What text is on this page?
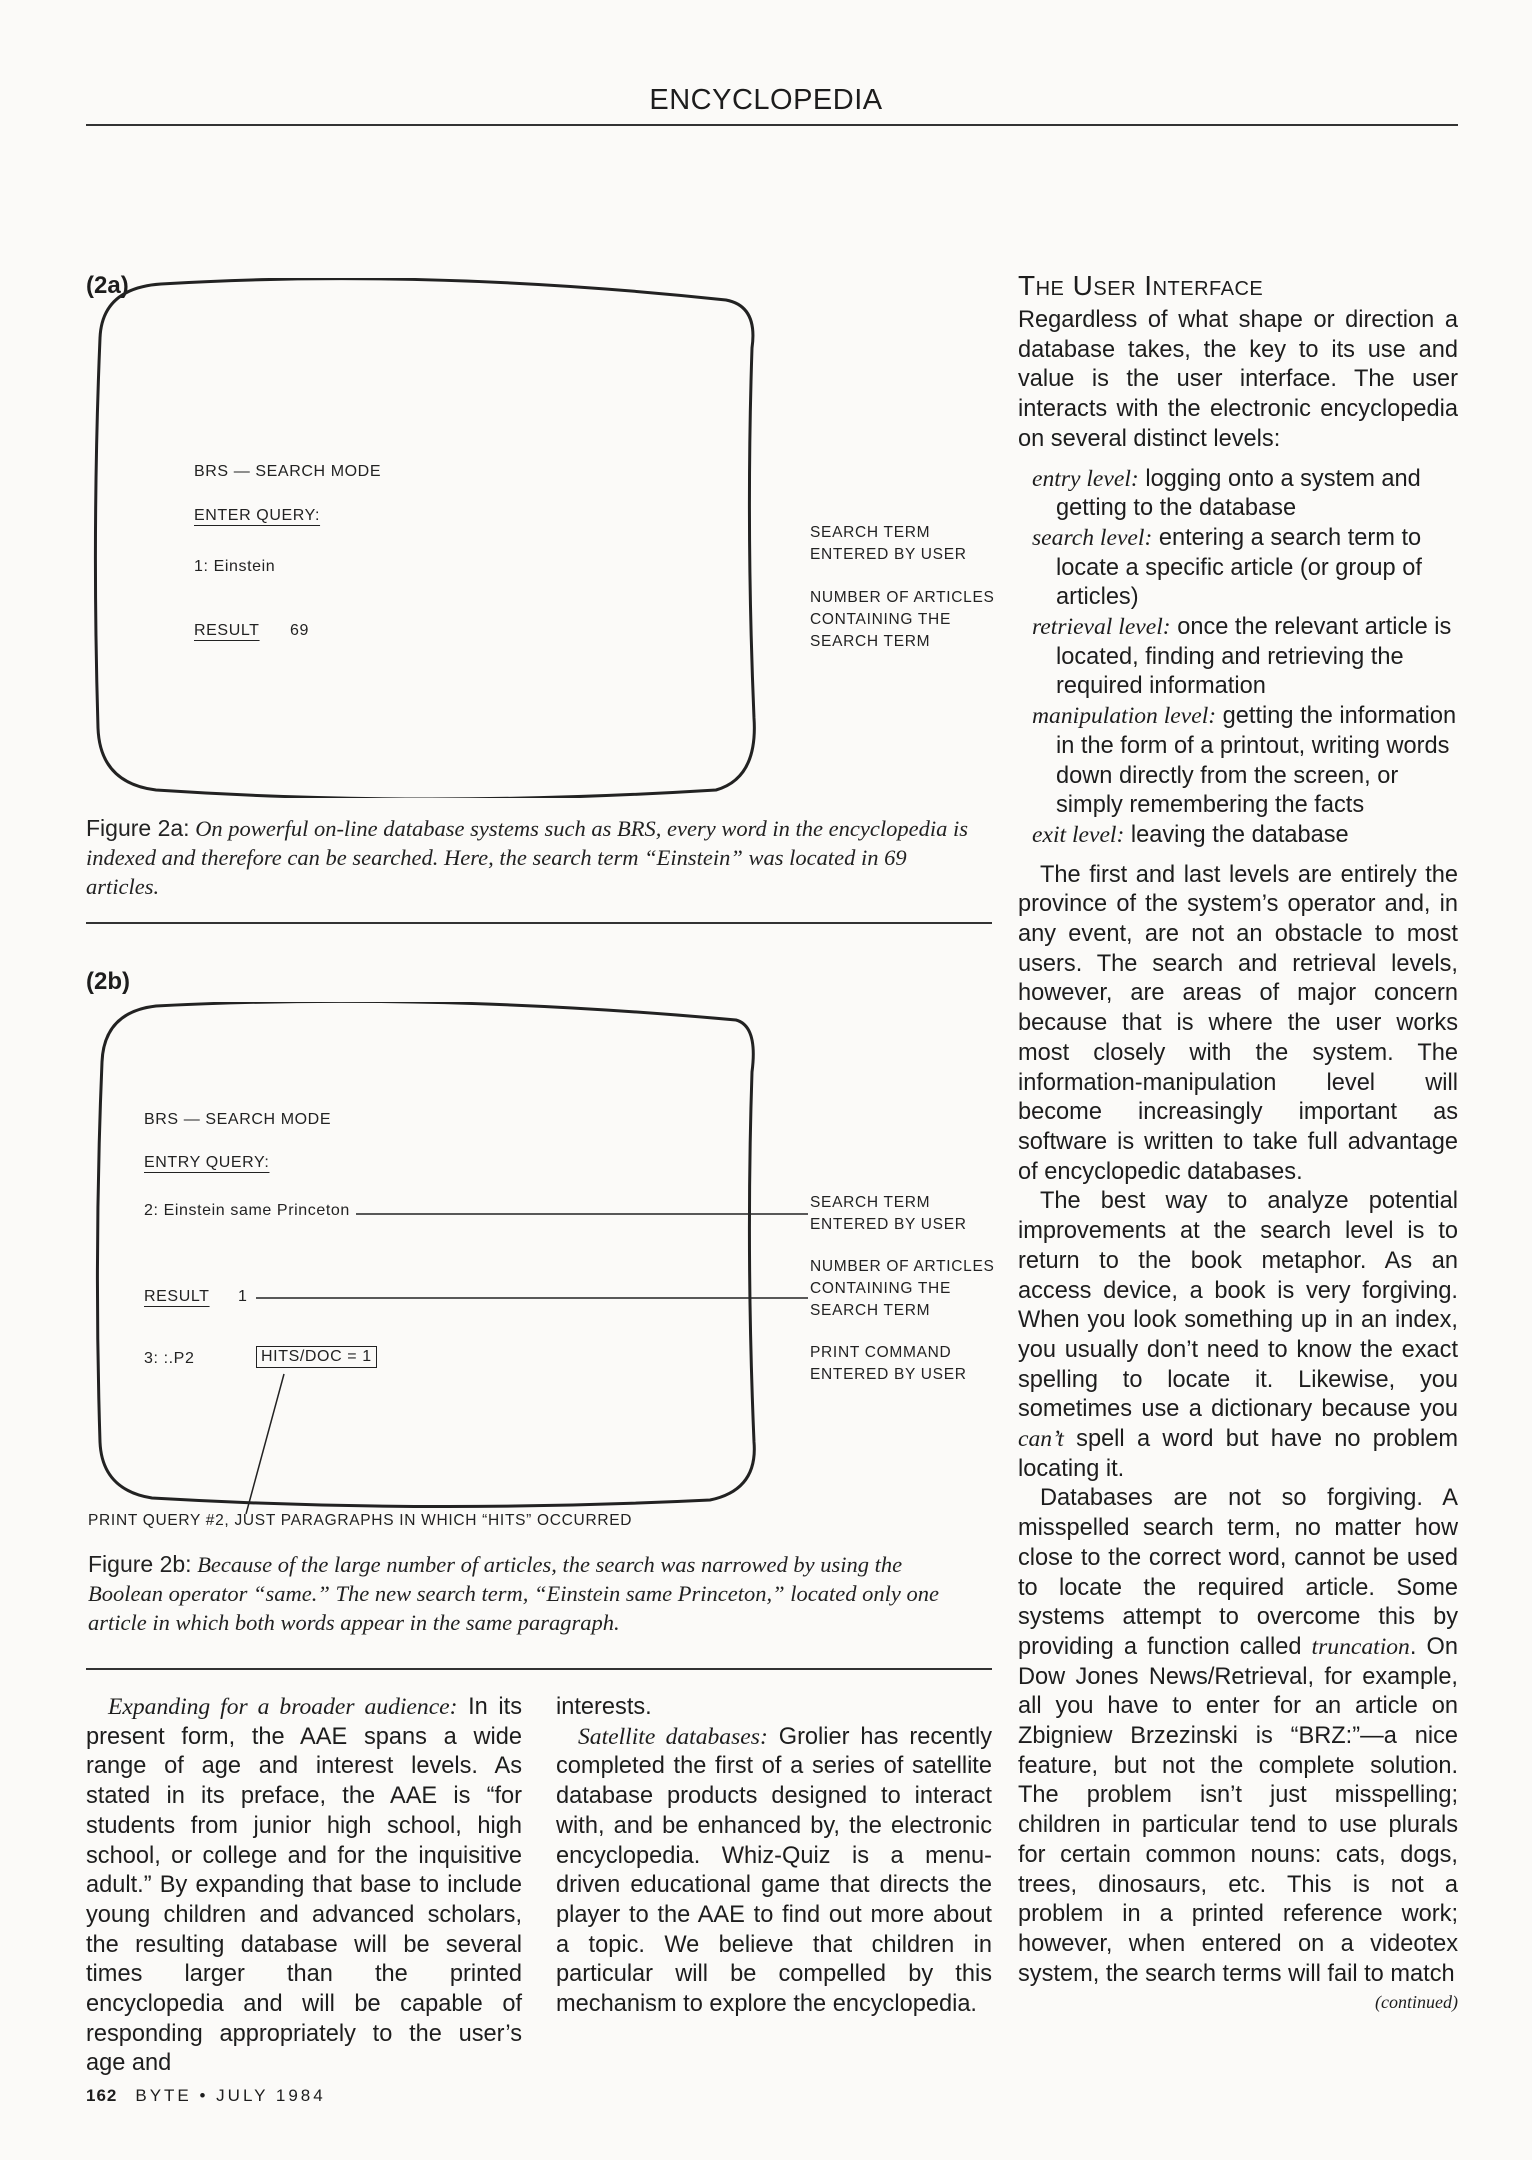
ENCYCLOPEDIA
(2a)
BRS — SEARCH MODE
ENTER QUERY:
1: Einstein
RESULT 69
SEARCH TERM
ENTERED BY USER
NUMBER OF ARTICLES
CONTAINING THE
SEARCH TERM
Figure 2a: On powerful on-line database systems such as BRS, every word in the encyclopedia is indexed and therefore can be searched. Here, the search term “Einstein” was located in 69 articles.
(2b)
BRS — SEARCH MODE
ENTRY QUERY:
2: Einstein same Princeton
RESULT 1
3: :.P2	HITS/DOC = 1
SEARCH TERM
ENTERED BY USER
NUMBER OF ARTICLES
CONTAINING THE
SEARCH TERM
PRINT COMMAND
ENTERED BY USER
PRINT QUERY #2, JUST PARAGRAPHS IN WHICH “HITS” OCCURRED
Figure 2b: Because of the large number of articles, the search was narrowed by using the Boolean operator “same.” The new search term, “Einstein same Princeton,” located only one article in which both words appear in the same paragraph.

Expanding for a broader audience: In its present form, the AAE spans a wide range of age and interest levels. As stated in its preface, the AAE is “for students from junior high school, high school, or college and for the inquisitive adult.” By expanding that base to include young children and advanced scholars, the resulting database will be several times larger than the printed encyclopedia and will be capable of responding appropriately to the user’s age and

interests.

Satellite databases: Grolier has recently completed the first of a series of satellite database products designed to interact with, and be enhanced by, the electronic encyclopedia. Whiz-Quiz is a menu-driven educational game that directs the player to the AAE to find out more about a topic. We believe that children in particular will be compelled by this mechanism to explore the encyclopedia.

The User Interface
Regardless of what shape or direction a database takes, the key to its use and value is the user interface. The user interacts with the electronic encyclopedia on several distinct levels:
entry level: logging onto a system and getting to the database
search level: entering a search term to locate a specific article (or group of articles)
retrieval level: once the relevant article is located, finding and retrieving the required information
manipulation level: getting the information in the form of a printout, writing words down directly from the screen, or simply remembering the facts
exit level: leaving the database

The first and last levels are entirely the province of the system’s operator and, in any event, are not an obstacle to most users. The search and retrieval levels, however, are areas of major concern because that is where the user works most closely with the system. The information-manipulation level will become increasingly important as software is written to take full advantage of encyclopedic databases.

The best way to analyze potential improvements at the search level is to return to the book metaphor. As an access device, a book is very forgiving. When you look something up in an index, you usually don’t need to know the exact spelling to locate it. Likewise, you sometimes use a dictionary because you can’t spell a word but have no problem locating it.

Databases are not so forgiving. A misspelled search term, no matter how close to the correct word, cannot be used to locate the required article. Some systems attempt to overcome this by providing a function called truncation. On Dow Jones News/Retrieval, for example, all you have to enter for an article on Zbigniew Brzezinski is “BRZ:”—a nice feature, but not the complete solution. The problem isn’t just misspelling; children in particular tend to use plurals for certain common nouns: cats, dogs, trees, dinosaurs, etc. This is not a problem in a printed reference work; however, when entered on a videotex system, the search terms will fail to match

(continued)

162 BYTE • JULY 1984
